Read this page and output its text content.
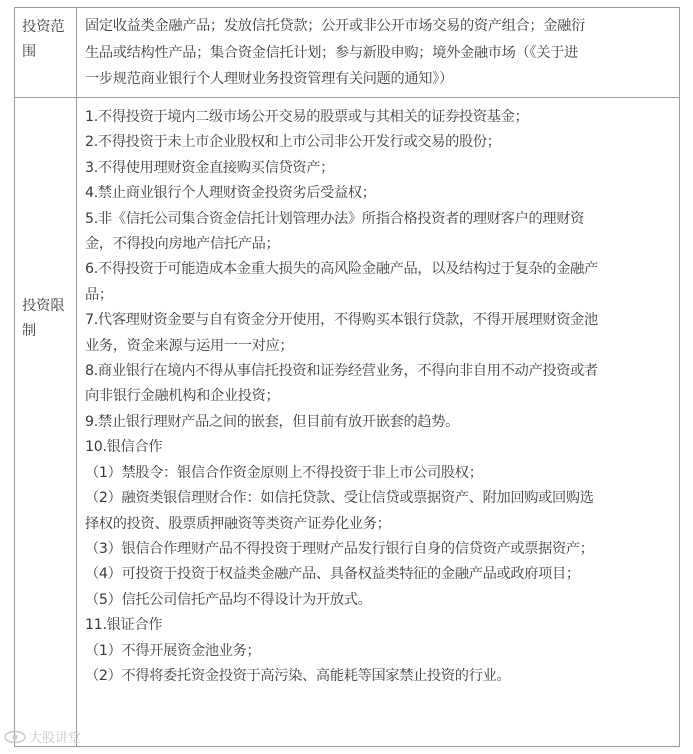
投资范围
固定收益类金融产品；发放信托贷款；公开或非公开市场交易的资产组合；金融衍
生品或结构性产品；集合资金信托计划；参与新股申购；境外金融市场（《关于进
一步规范商业银行个人理财业务投资管理有关问题的通知》）
投资限制
1.不得投资于境内二级市场公开交易的股票或与其相关的证券投资基金；
2.不得投资于未上市企业股权和上市公司非公开发行或交易的股份；
3.不得使用理财资金直接购买信贷资产；
4.禁止商业银行个人理财资金投资劣后受益权；
5.非《信托公司集合资金信托计划管理办法》所指合格投资者的理财客户的理财资
金，不得投向房地产信托产品；
6.不得投资于可能造成本金重大损失的高风险金融产品，以及结构过于复杂的金融产
品；
7.代客理财资金要与自有资金分开使用，不得购买本银行贷款，不得开展理财资金池
业务，资金来源与运用一一对应；
8.商业银行在境内不得从事信托投资和证券经营业务，不得向非自用不动产投资或者
向非银行金融机构和企业投资；
9.禁止银行理财产品之间的嵌套，但目前有放开嵌套的趋势。
10.银信合作
（1）禁股令：银信合作资金原则上不得投资于非上市公司股权；
（2）融资类银信理财合作：如信托贷款、受让信贷或票据资产、附加回购或回购选
择权的投资、股票质押融资等类资产证券化业务；
（3）银信合作理财产品不得投资于理财产品发行银行自身的信贷资产或票据资产；
（4）可投资于投资于权益类金融产品、具备权益类特征的金融产品或政府项目；
（5）信托公司信托产品均不得设计为开放式。
11.银证合作
（1）不得开展资金池业务；
（2）不得将委托资金投资于高污染、高能耗等国家禁止投资的行业。
大股讲堂
